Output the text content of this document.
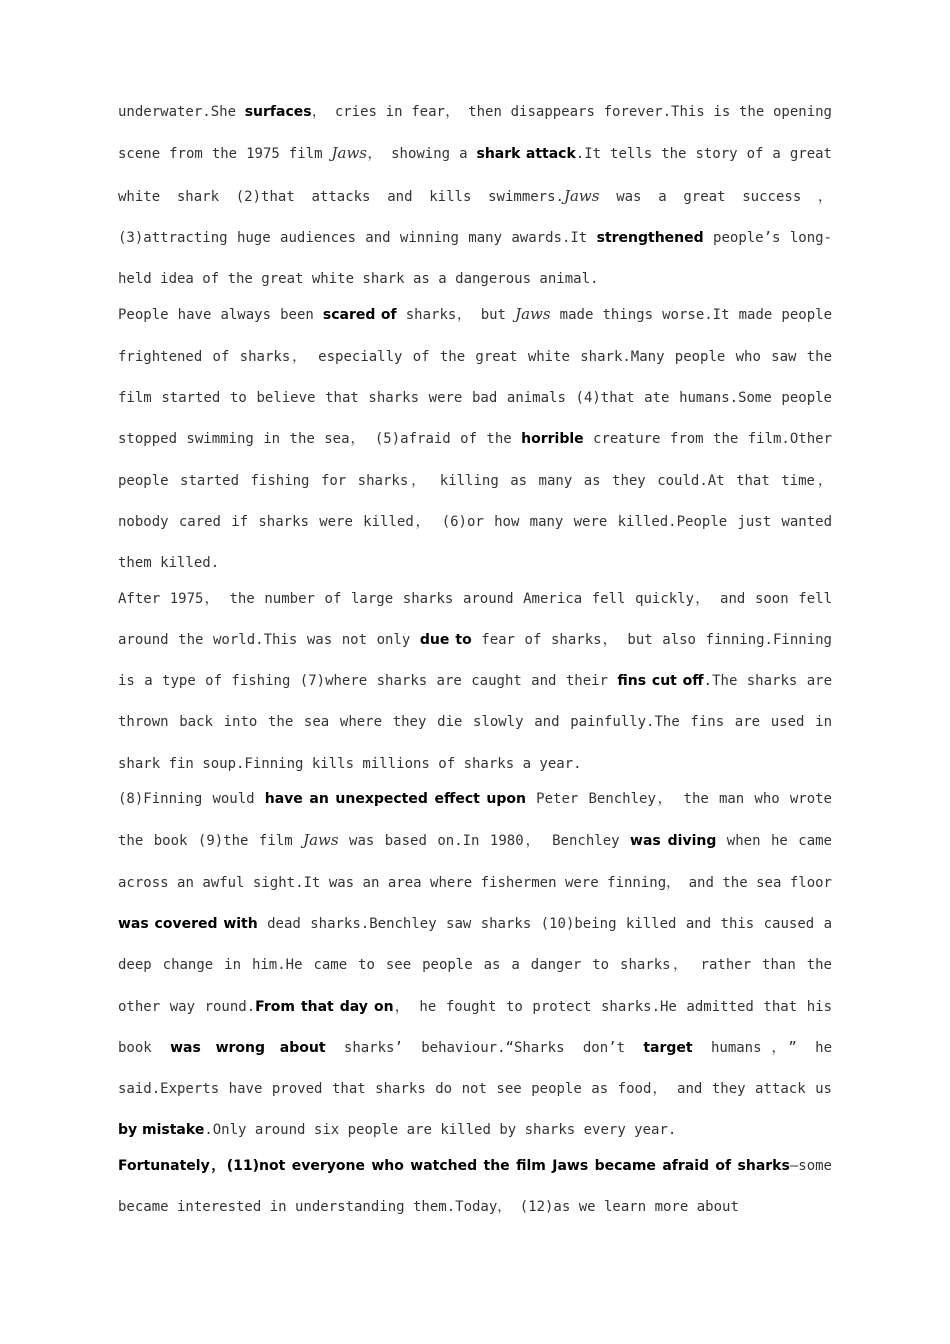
underwater.She surfaces， cries in fear， then disappears forever.This is the opening scene from the 1975 film Jaws， showing a shark attack.It tells the story of a great white shark (2)that attacks and kills swimmers.Jaws was a great success ， (3)attracting huge audiences and winning many awards.It strengthened people’s long-held idea of the great white shark as a dangerous animal.

People have always been scared of sharks， but Jaws made things worse.It made people frightened of sharks， especially of the great white shark.Many people who saw the film started to believe that sharks were bad animals (4)that ate humans.Some people stopped swimming in the sea， (5)afraid of the horrible creature from the film.Other people started fishing for sharks， killing as many as they could.At that time， nobody cared if sharks were killed， (6)or how many were killed.People just wanted them killed.

After 1975， the number of large sharks around America fell quickly， and soon fell around the world.This was not only due to fear of sharks， but also finning.Finning is a type of fishing (7)where sharks are caught and their fins cut off.The sharks are thrown back into the sea where they die slowly and painfully.The fins are used in shark fin soup.Finning kills millions of sharks a year.

(8)Finning would have an unexpected effect upon Peter Benchley， the man who wrote the book (9)the film Jaws was based on.In 1980， Benchley was diving when he came across an awful sight.It was an area where fishermen were finning， and the sea floor was covered with dead sharks.Benchley saw sharks (10)being killed and this caused a deep change in him.He came to see people as a danger to sharks， rather than the other way round.From that day on， he fought to protect sharks.He admitted that his book was wrong about sharks’ behaviour.“Sharks don’t target humans，” he said.Experts have proved that sharks do not see people as food， and they attack us by mistake.Only around six people are killed by sharks every year.

Fortunately，(11)not everyone who watched the film Jaws became afraid of sharks—some became interested in understanding them.Today， (12)as we learn more about
